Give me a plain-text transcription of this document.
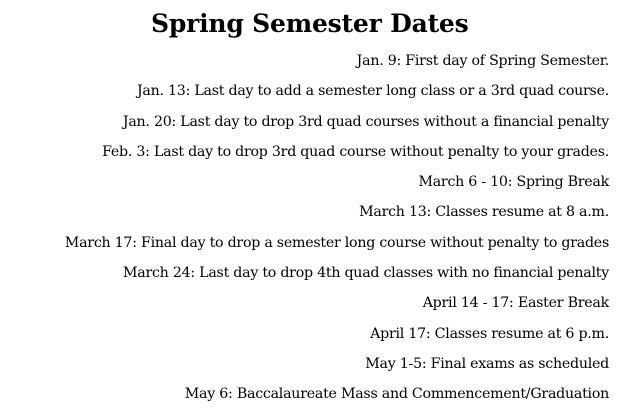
Spring Semester Dates
Jan. 9: First day of Spring Semester.
Jan. 13: Last day to add a semester long class or a 3rd quad course.
Jan. 20: Last day to drop 3rd quad courses without a financial penalty
Feb. 3: Last day to drop 3rd quad course without penalty to your grades.
March 6 - 10: Spring Break
March 13: Classes resume at 8 a.m.
March 17: Final day to drop a semester long course without penalty to grades
March 24: Last day to drop 4th quad classes with no financial penalty
April 14 - 17: Easter Break
April 17: Classes resume at 6 p.m.
May 1-5: Final exams as scheduled
May 6: Baccalaureate Mass and Commencement/Graduation
